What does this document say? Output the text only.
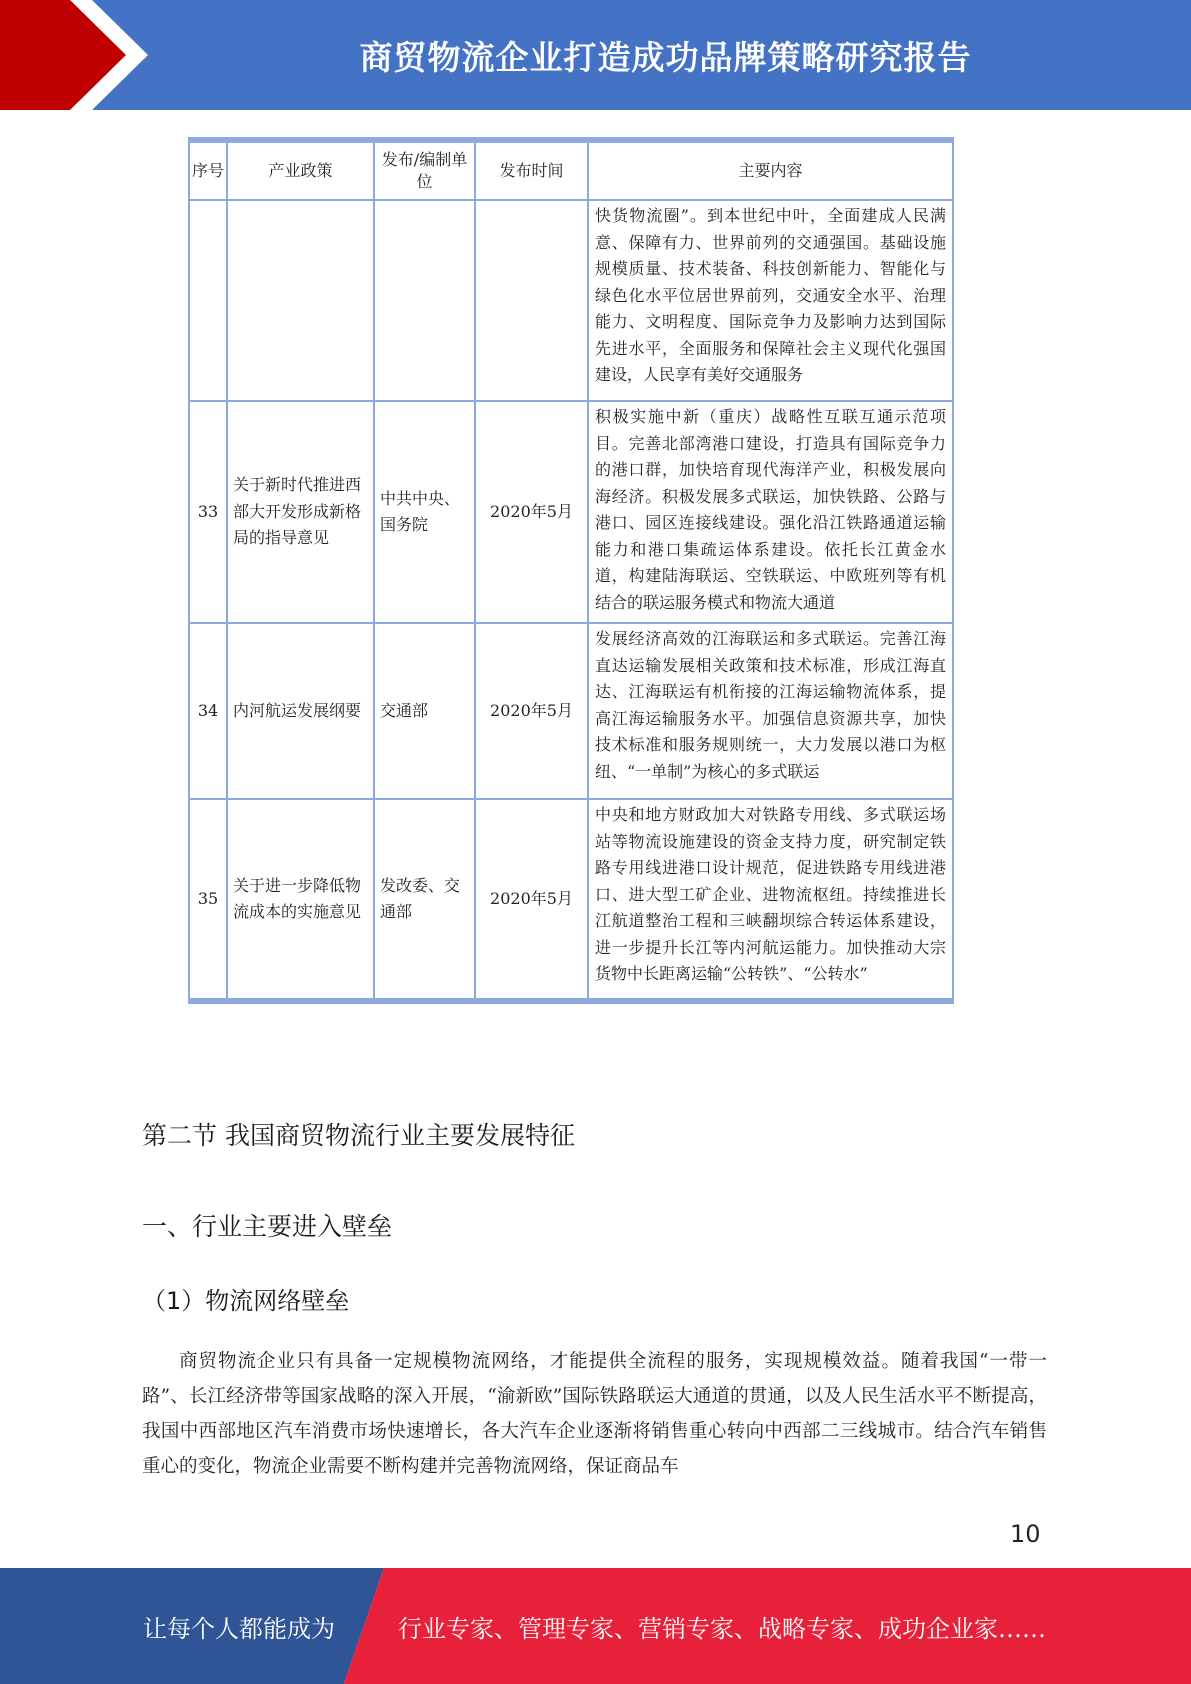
商贸物流企业打造成功品牌策略研究报告
序号	产业政策	发布/编制单位	发布时间	主要内容
				快货物流圈”。到本世纪中叶，全面建成人民满意、保障有力、世界前列的交通强国。基础设施规模质量、技术装备、科技创新能力、智能化与绿色化水平位居世界前列，交通安全水平、治理能力、文明程度、国际竞争力及影响力达到国际先进水平，全面服务和保障社会主义现代化强国建设，人民享有美好交通服务
33	关于新时代推进西部大开发形成新格局的指导意见	中共中央、国务院	2020年5月	积极实施中新（重庆）战略性互联互通示范项目。完善北部湾港口建设，打造具有国际竞争力的港口群，加快培育现代海洋产业，积极发展向海经济。积极发展多式联运，加快铁路、公路与港口、园区连接线建设。强化沿江铁路通道运输能力和港口集疏运体系建设。依托长江黄金水道，构建陆海联运、空铁联运、中欧班列等有机结合的联运服务模式和物流大通道
34	内河航运发展纲要	交通部	2020年5月	发展经济高效的江海联运和多式联运。完善江海直达运输发展相关政策和技术标准，形成江海直达、江海联运有机衔接的江海运输物流体系，提高江海运输服务水平。加强信息资源共享，加快技术标准和服务规则统一，大力发展以港口为枢纽、“一单制”为核心的多式联运
35	关于进一步降低物流成本的实施意见	发改委、交通部	2020年5月	中央和地方财政加大对铁路专用线、多式联运场站等物流设施建设的资金支持力度，研究制定铁路专用线进港口设计规范，促进铁路专用线进港口、进大型工矿企业、进物流枢纽。持续推进长江航道整治工程和三峡翻坝综合转运体系建设，进一步提升长江等内河航运能力。加快推动大宗货物中长距离运输“公转铁”、“公转水”
第二节 我国商贸物流行业主要发展特征
一、行业主要进入壁垒
（1）物流网络壁垒

商贸物流企业只有具备一定规模物流网络，才能提供全流程的服务，实现规模效益。随着我国“一带一路”、长江经济带等国家战略的深入开展，“渝新欧”国际铁路联运大通道的贯通，以及人民生活水平不断提高，我国中西部地区汽车消费市场快速增长，各大汽车企业逐渐将销售重心转向中西部二三线城市。结合汽车销售重心的变化，物流企业需要不断构建并完善物流网络，保证商品车

10
让每个人都能成为	行业专家、管理专家、营销专家、战略专家、成功企业家……
